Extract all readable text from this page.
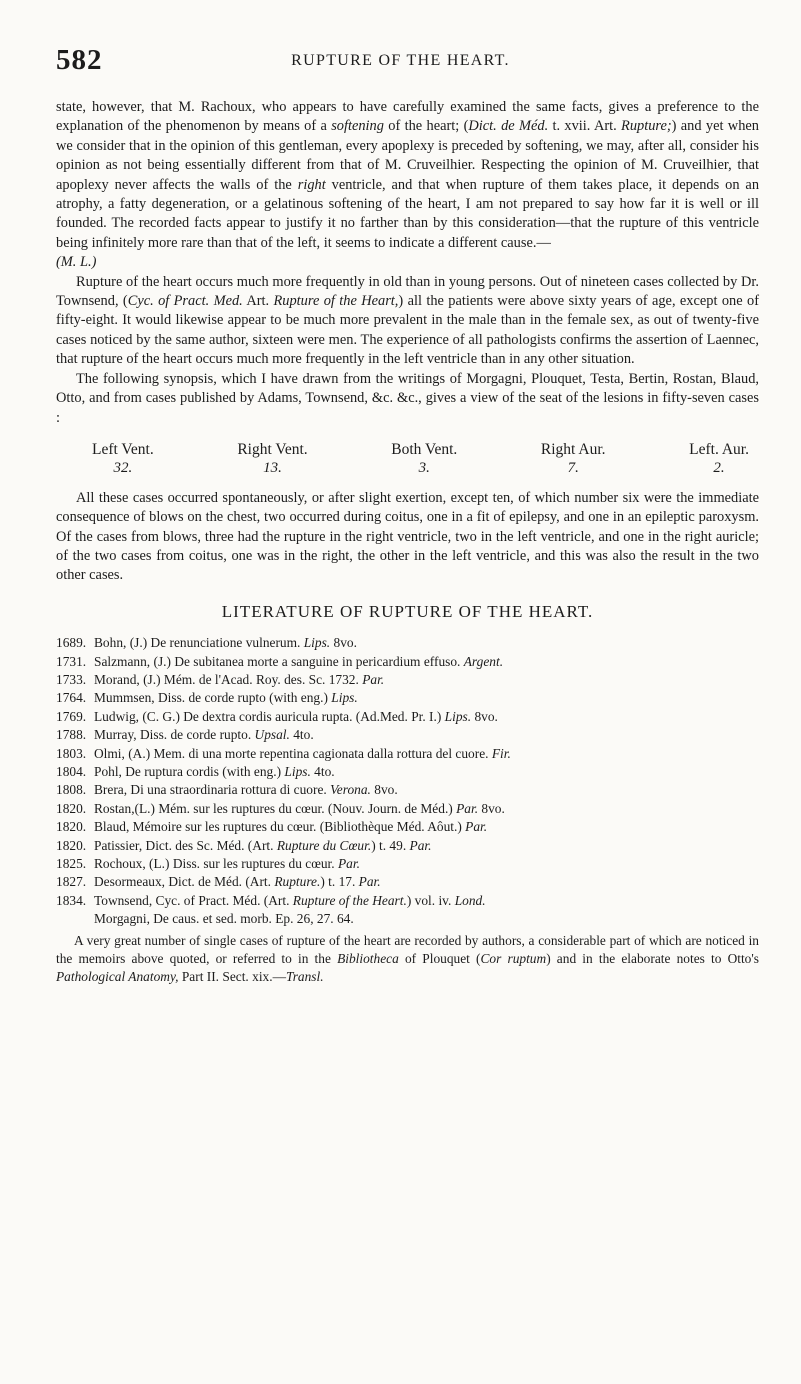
582	RUPTURE OF THE HEART.

state, however, that M. Rachoux, who appears to have carefully examined the same facts, gives a preference to the explanation of the phenomenon by means of a softening of the heart; (Dict. de Méd. t. xvii. Art. Rupture;) and yet when we consider that in the opinion of this gentleman, every apoplexy is preceded by softening, we may, after all, consider his opinion as not being essentially different from that of M. Cruveilhier. Respecting the opinion of M. Cruveilhier, that apoplexy never affects the walls of the right ventricle, and that when rupture of them takes place, it depends on an atrophy, a fatty degeneration, or a gelatinous softening of the heart, I am not prepared to say how far it is well or ill founded. The recorded facts appear to justify it no farther than by this consideration—that the rupture of this ventricle being infinitely more rare than that of the left, it seems to indicate a different cause.—
(M. L.)

Rupture of the heart occurs much more frequently in old than in young persons. Out of nineteen cases collected by Dr. Townsend, (Cyc. of Pract. Med. Art. Rupture of the Heart,) all the patients were above sixty years of age, except one of fifty-eight. It would likewise appear to be much more prevalent in the male than in the female sex, as out of twenty-five cases noticed by the same author, sixteen were men. The experience of all pathologists confirms the assertion of Laennec, that rupture of the heart occurs much more frequently in the left ventricle than in any other situation.

The following synopsis, which I have drawn from the writings of Morgagni, Plouquet, Testa, Bertin, Rostan, Blaud, Otto, and from cases published by Adams, Townsend, &c. &c., gives a view of the seat of the lesions in fifty-seven cases :

Left Vent.
32.
Right Vent.
13.
Both Vent.
3.
Right Aur.
7.
Left. Aur.
2.

All these cases occurred spontaneously, or after slight exertion, except ten, of which number six were the immediate consequence of blows on the chest, two occurred during coitus, one in a fit of epilepsy, and one in an epileptic paroxysm. Of the cases from blows, three had the rupture in the right ventricle, two in the left ventricle, and one in the right auricle; of the two cases from coitus, one was in the right, the other in the left ventricle, and this was also the result in the two other cases.

LITERATURE OF RUPTURE OF THE HEART.
1689. Bohn, (J.) De renunciatione vulnerum. Lips. 8vo.
1731. Salzmann, (J.) De subitanea morte a sanguine in pericardium effuso. Argent.
1733. Morand, (J.) Mém. de l'Acad. Roy. des. Sc. 1732. Par.
1764. Mummsen, Diss. de corde rupto (with eng.) Lips.
1769. Ludwig, (C. G.) De dextra cordis auricula rupta. (Ad.Med. Pr. I.) Lips. 8vo.
1788. Murray, Diss. de corde rupto. Upsal. 4to.
1803. Olmi, (A.) Mem. di una morte repentina cagionata dalla rottura del cuore. Fir.
1804. Pohl, De ruptura cordis (with eng.) Lips. 4to.
1808. Brera, Di una straordinaria rottura di cuore. Verona. 8vo.
1820. Rostan,(L.) Mém. sur les ruptures du cœur. (Nouv. Journ. de Méd.) Par. 8vo.
1820. Blaud, Mémoire sur les ruptures du cœur. (Bibliothèque Méd. Aôut.) Par.
1820. Patissier, Dict. des Sc. Méd. (Art. Rupture du Cœur.) t. 49. Par.
1825. Rochoux, (L.) Diss. sur les ruptures du cœur. Par.
1827. Desormeaux, Dict. de Méd. (Art. Rupture.) t. 17. Par.
1834. Townsend, Cyc. of Pract. Méd. (Art. Rupture of the Heart.) vol. iv. Lond.
Morgagni, De caus. et sed. morb. Ep. 26, 27. 64.

A very great number of single cases of rupture of the heart are recorded by authors, a considerable part of which are noticed in the memoirs above quoted, or referred to in the Bibliotheca of Plouquet (Cor ruptum) and in the elaborate notes to Otto's Pathological Anatomy, Part II. Sect. xix.—Transl.
